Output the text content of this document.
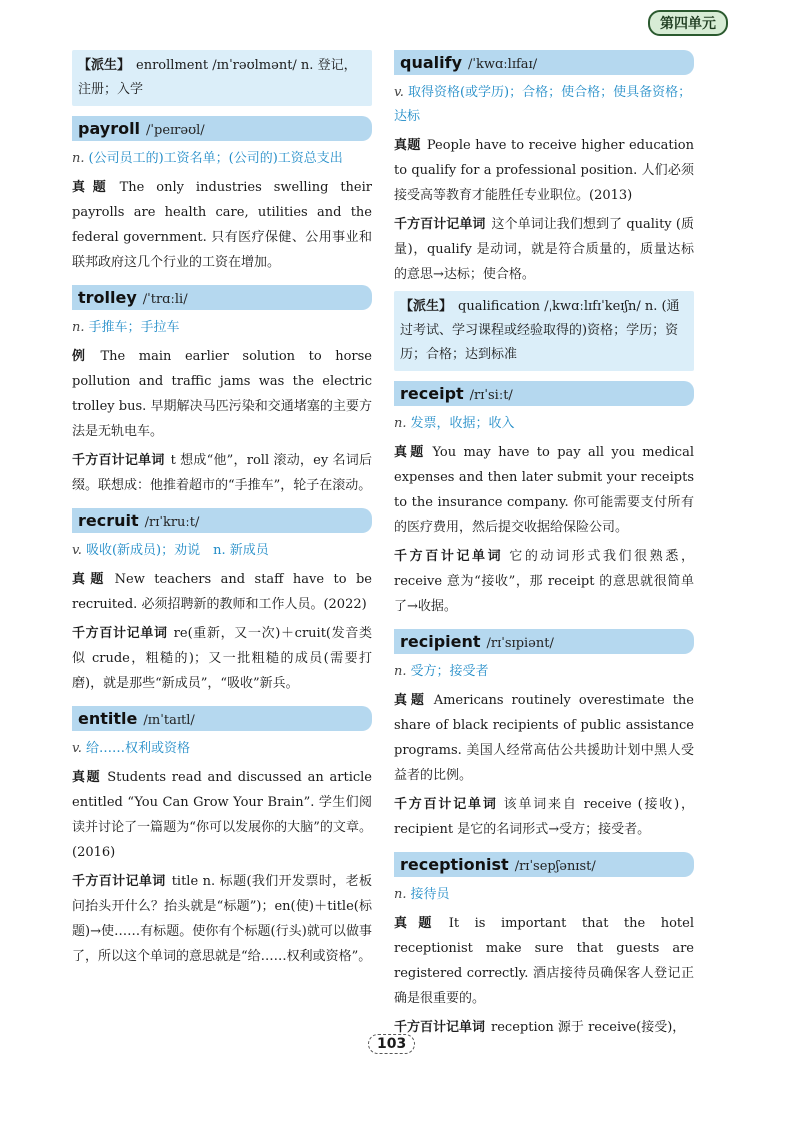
第四单元
【派生】 enrollment /ɪnˈrəʊlmənt/ n. 登记，注册；入学
payroll /ˈpeɪrəʊl/

n. (公司员工的)工资名单；(公司的)工资总支出

真题 The only industries swelling their payrolls are health care, utilities and the federal government. 只有医疗保健、公用事业和联邦政府这几个行业的工资在增加。

trolley /ˈtrɑːli/

n. 手推车；手拉车

例 The main earlier solution to horse pollution and traffic jams was the electric trolley bus. 早期解决马匹污染和交通堵塞的主要方法是无轨电车。

千方百计记单词 t 想成“他”，roll 滚动，ey 名词后缀。联想成：他推着超市的“手推车”，轮子在滚动。

recruit /rɪˈkruːt/

v. 吸收(新成员)；劝说　n. 新成员

真题 New teachers and staff have to be recruited. 必须招聘新的教师和工作人员。(2022)

千方百计记单词 re(重新，又一次)＋cruit(发音类似 crude，粗糙的)；又一批粗糙的成员(需要打磨)，就是那些“新成员”，“吸收”新兵。

entitle /ɪnˈtaɪtl/

v. 给……权利或资格

真题 Students read and discussed an article entitled “You Can Grow Your Brain”. 学生们阅读并讨论了一篇题为“你可以发展你的大脑”的文章。(2016)

千方百计记单词 title n. 标题(我们开发票时，老板问抬头开什么？抬头就是“标题”)；en(使)＋title(标题)→使……有标题。使你有个标题(行头)就可以做事了，所以这个单词的意思就是“给……权利或资格”。

qualify /ˈkwɑːlɪfaɪ/

v. 取得资格(或学历)；合格；使合格；使具备资格；达标

真题 People have to receive higher education to qualify for a professional position. 人们必须接受高等教育才能胜任专业职位。(2013)

千方百计记单词 这个单词让我们想到了 quality (质量)，qualify 是动词，就是符合质量的，质量达标的意思→达标；使合格。

【派生】 qualification /ˌkwɑːlɪfɪˈkeɪʃn/ n. (通过考试、学习课程或经验取得的)资格；学历；资历；合格；达到标准
receipt /rɪˈsiːt/

n. 发票，收据；收入

真题 You may have to pay all you medical expenses and then later submit your receipts to the insurance company. 你可能需要支付所有的医疗费用，然后提交收据给保险公司。

千方百计记单词 它的动词形式我们很熟悉，receive 意为“接收”，那 receipt 的意思就很简单了→收据。

recipient /rɪˈsɪpiənt/

n. 受方；接受者

真题 Americans routinely overestimate the share of black recipients of public assistance programs. 美国人经常高估公共援助计划中黑人受益者的比例。

千方百计记单词 该单词来自 receive (接收)，recipient 是它的名词形式→受方；接受者。

receptionist /rɪˈsepʃənɪst/

n. 接待员

真题 It is important that the hotel receptionist make sure that guests are registered correctly. 酒店接待员确保客人登记正确是很重要的。

千方百计记单词 reception 源于 receive(接受)，

103
